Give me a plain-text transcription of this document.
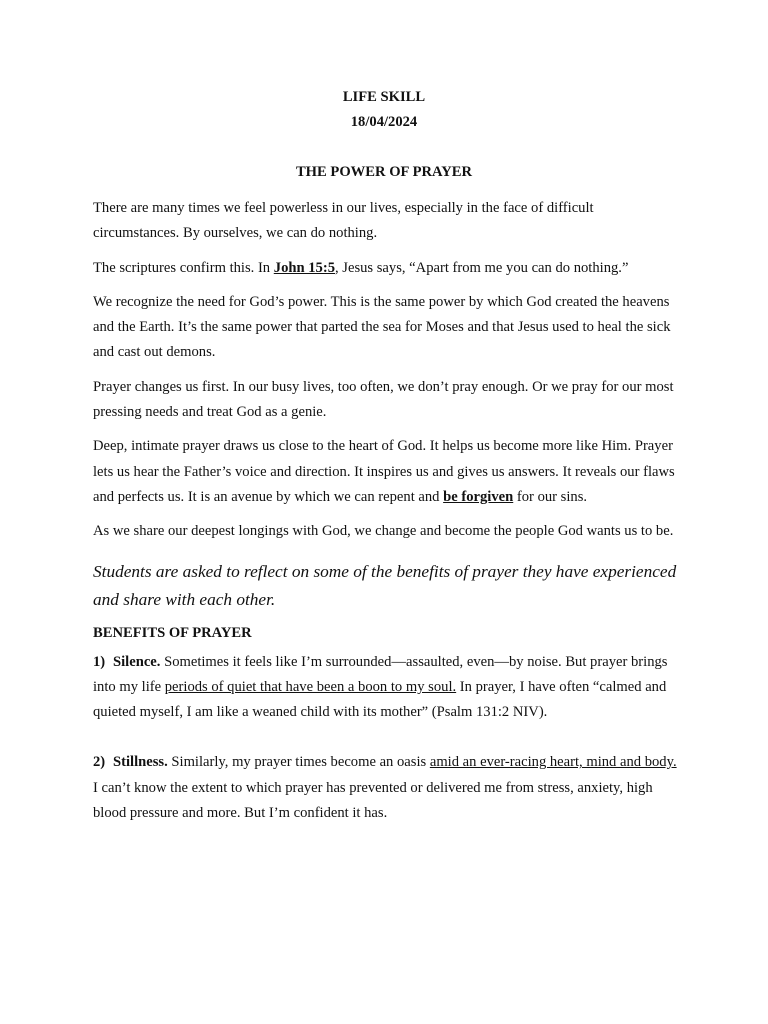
LIFE SKILL

18/04/2024

THE POWER OF PRAYER

There are many times we feel powerless in our lives, especially in the face of difficult circumstances. By ourselves, we can do nothing.

The scriptures confirm this. In John 15:5, Jesus says, “Apart from me you can do nothing.”

We recognize the need for God’s power. This is the same power by which God created the heavens and the Earth. It’s the same power that parted the sea for Moses and that Jesus used to heal the sick and cast out demons.

Prayer changes us first. In our busy lives, too often, we don’t pray enough. Or we pray for our most pressing needs and treat God as a genie.

Deep, intimate prayer draws us close to the heart of God. It helps us become more like Him. Prayer lets us hear the Father’s voice and direction. It inspires us and gives us answers. It reveals our flaws and perfects us. It is an avenue by which we can repent and be forgiven for our sins.

As we share our deepest longings with God, we change and become the people God wants us to be.

Students are asked to reflect on some of the benefits of prayer they have experienced and share with each other.

BENEFITS OF PRAYER

1) Silence. Sometimes it feels like I’m surrounded—assaulted, even—by noise. But prayer brings into my life periods of quiet that have been a boon to my soul. In prayer, I have often “calmed and quieted myself, I am like a weaned child with its mother” (Psalm 131:2 NIV).

2) Stillness. Similarly, my prayer times become an oasis amid an ever-racing heart, mind and body. I can’t know the extent to which prayer has prevented or delivered me from stress, anxiety, high blood pressure and more. But I’m confident it has.
